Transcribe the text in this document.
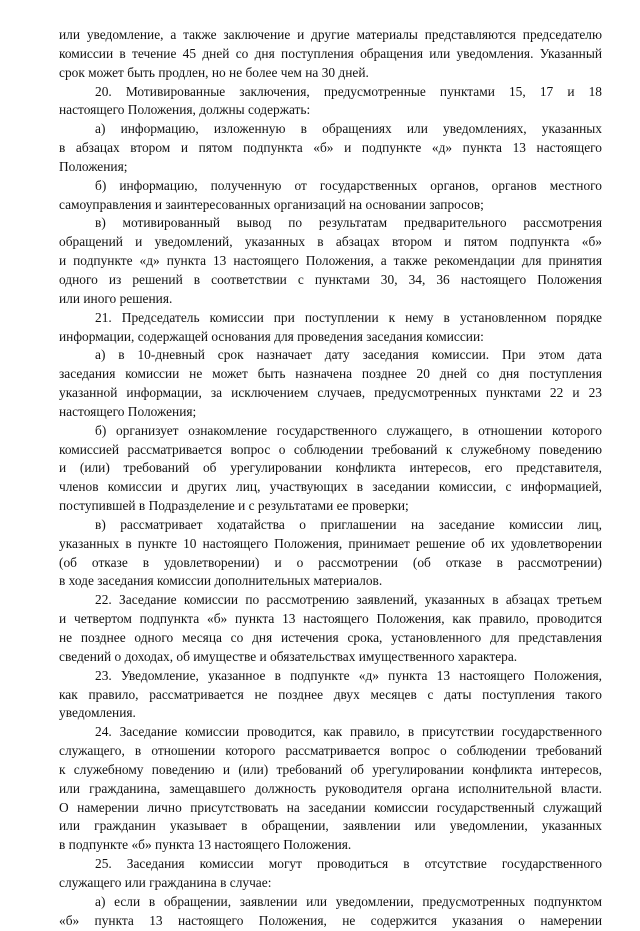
или уведомление, а также заключение и другие материалы представляются председателю
комиссии в течение 45 дней со дня поступления обращения или уведомления. Указанный
срок может быть продлен, но не более чем на 30 дней.
20. Мотивированные заключения, предусмотренные пунктами 15, 17 и 18
настоящего Положения, должны содержать:
а) информацию, изложенную в обращениях или уведомлениях, указанных
в абзацах втором и пятом подпункта «б» и подпункте «д» пункта 13 настоящего
Положения;
б) информацию, полученную от государственных органов, органов местного
самоуправления и заинтересованных организаций на основании запросов;
в) мотивированный вывод по результатам предварительного рассмотрения
обращений и уведомлений, указанных в абзацах втором и пятом подпункта «б»
и подпункте «д» пункта 13 настоящего Положения, а также рекомендации для принятия
одного из решений в соответствии с пунктами 30, 34, 36 настоящего Положения
или иного решения.
21. Председатель комиссии при поступлении к нему в установленном порядке
информации, содержащей основания для проведения заседания комиссии:
а) в 10-дневный срок назначает дату заседания комиссии. При этом дата
заседания комиссии не может быть назначена позднее 20 дней со дня поступления
указанной информации, за исключением случаев, предусмотренных пунктами 22 и 23
настоящего Положения;
б) организует ознакомление государственного служащего, в отношении которого
комиссией рассматривается вопрос о соблюдении требований к служебному поведению
и (или) требований об урегулировании конфликта интересов, его представителя,
членов комиссии и других лиц, участвующих в заседании комиссии, с информацией,
поступившей в Подразделение и с результатами ее проверки;
в) рассматривает ходатайства о приглашении на заседание комиссии лиц,
указанных в пункте 10 настоящего Положения, принимает решение об их удовлетворении
(об отказе в удовлетворении) и о рассмотрении (об отказе в рассмотрении)
в ходе заседания комиссии дополнительных материалов.
22. Заседание комиссии по рассмотрению заявлений, указанных в абзацах третьем
и четвертом подпункта «б» пункта 13 настоящего Положения, как правило, проводится
не позднее одного месяца со дня истечения срока, установленного для представления
сведений о доходах, об имуществе и обязательствах имущественного характера.
23. Уведомление, указанное в подпункте «д» пункта 13 настоящего Положения,
как правило, рассматривается не позднее двух месяцев с даты поступления такого
уведомления.
24. Заседание комиссии проводится, как правило, в присутствии государственного
служащего, в отношении которого рассматривается вопрос о соблюдении требований
к служебному поведению и (или) требований об урегулировании конфликта интересов,
или гражданина, замещавшего должность руководителя органа исполнительной власти.
О намерении лично присутствовать на заседании комиссии государственный служащий
или гражданин указывает в обращении, заявлении или уведомлении, указанных
в подпункте «б» пункта 13 настоящего Положения.
25. Заседания комиссии могут проводиться в отсутствие государственного
служащего или гражданина в случае:
а) если в обращении, заявлении или уведомлении, предусмотренных подпунктом
«б» пункта 13 настоящего Положения, не содержится указания о намерении
